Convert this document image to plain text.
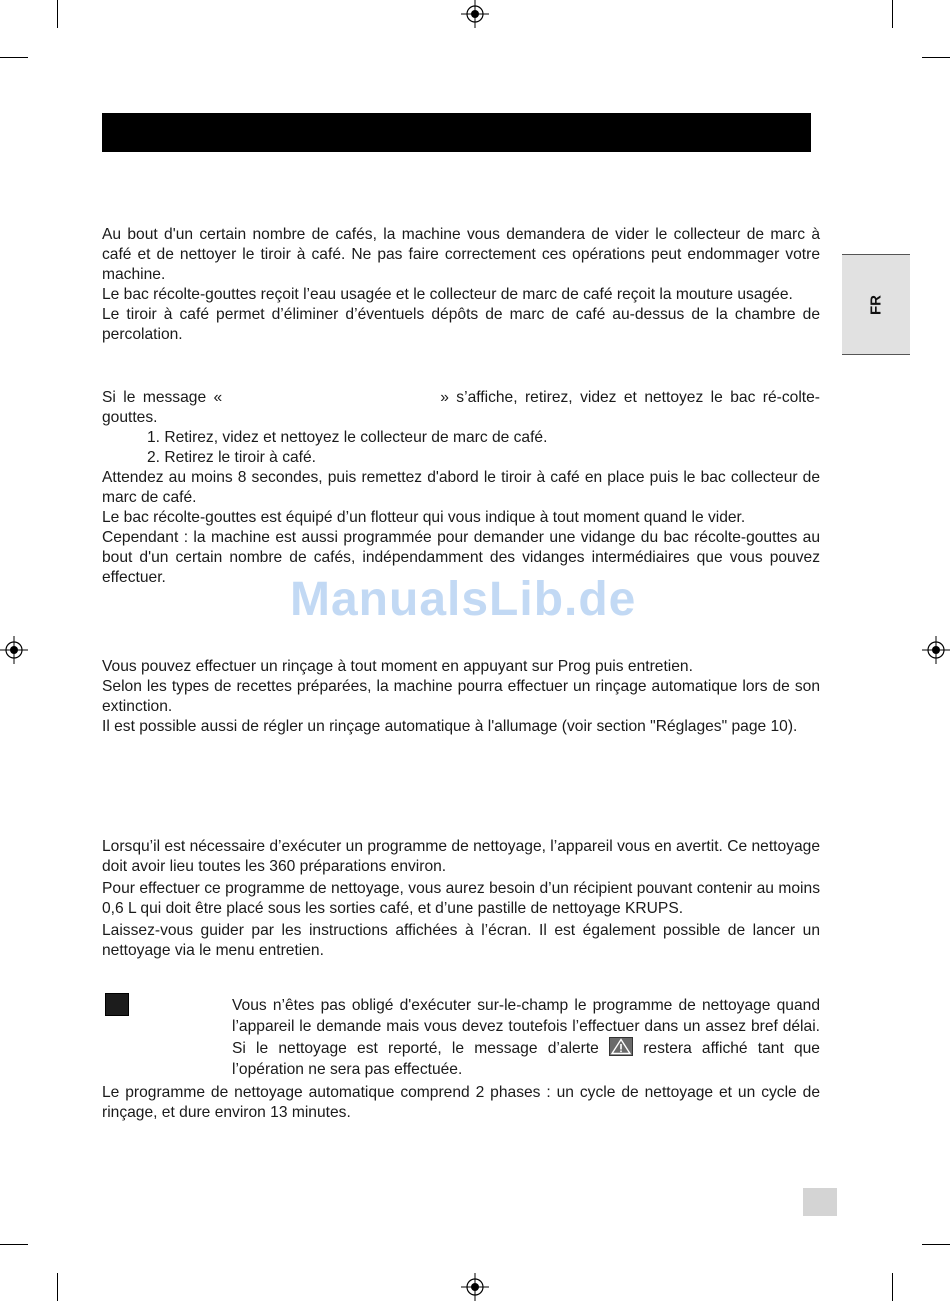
FR

Au bout d'un certain nombre de cafés, la machine vous demandera de vider le collecteur de marc à café et de nettoyer le tiroir à café. Ne pas faire correctement ces opérations peut endommager votre machine.

Le bac récolte-gouttes reçoit l’eau usagée et le collecteur de marc de café reçoit la mouture usagée.

Le tiroir à café permet d’éliminer d’éventuels dépôts de marc de café au-dessus de la chambre de percolation.

Si le message «	» s’affiche, retirez, videz et nettoyez le bac ré-colte-gouttes.

1. Retirez, videz et nettoyez le collecteur de marc de café.

2. Retirez le tiroir à café.

Attendez au moins 8 secondes, puis remettez d'abord le tiroir à café en place puis le bac collecteur de marc de café.

Le bac récolte-gouttes est équipé d’un flotteur qui vous indique à tout moment quand le vider.

Cependant : la machine est aussi programmée pour demander une vidange du bac récolte-gouttes au bout d'un certain nombre de cafés, indépendamment des vidanges intermédiaires que vous pouvez effectuer.	ManualsLib.de

Vous pouvez effectuer un rinçage à tout moment en appuyant sur Prog puis entretien.

Selon les types de recettes préparées, la machine pourra effectuer un rinçage automatique lors de son extinction.

Il est possible aussi de régler un rinçage automatique à l'allumage (voir section "Réglages" page 10).

Lorsqu’il est nécessaire d’exécuter un programme de nettoyage, l’appareil vous en avertit. Ce nettoyage doit avoir lieu toutes les 360 préparations environ.

Pour effectuer ce programme de nettoyage, vous aurez besoin d’un récipient pouvant contenir au moins 0,6 L qui doit être placé sous les sorties café, et d’une pastille de nettoyage KRUPS.

Laissez-vous guider par les instructions affichées à l’écran. Il est également possible de lancer un nettoyage via le menu entretien.

Vous n’êtes pas obligé d'exécuter sur-le-champ le programme de nettoyage quand l’appareil le demande mais vous devez toutefois l’effectuer dans un assez bref délai. Si le nettoyage est reporté, le message d’alerte	restera affiché tant que l’opération ne sera pas effectuée.

Le programme de nettoyage automatique comprend 2 phases : un cycle de nettoyage et un cycle de rinçage, et dure environ 13 minutes.
